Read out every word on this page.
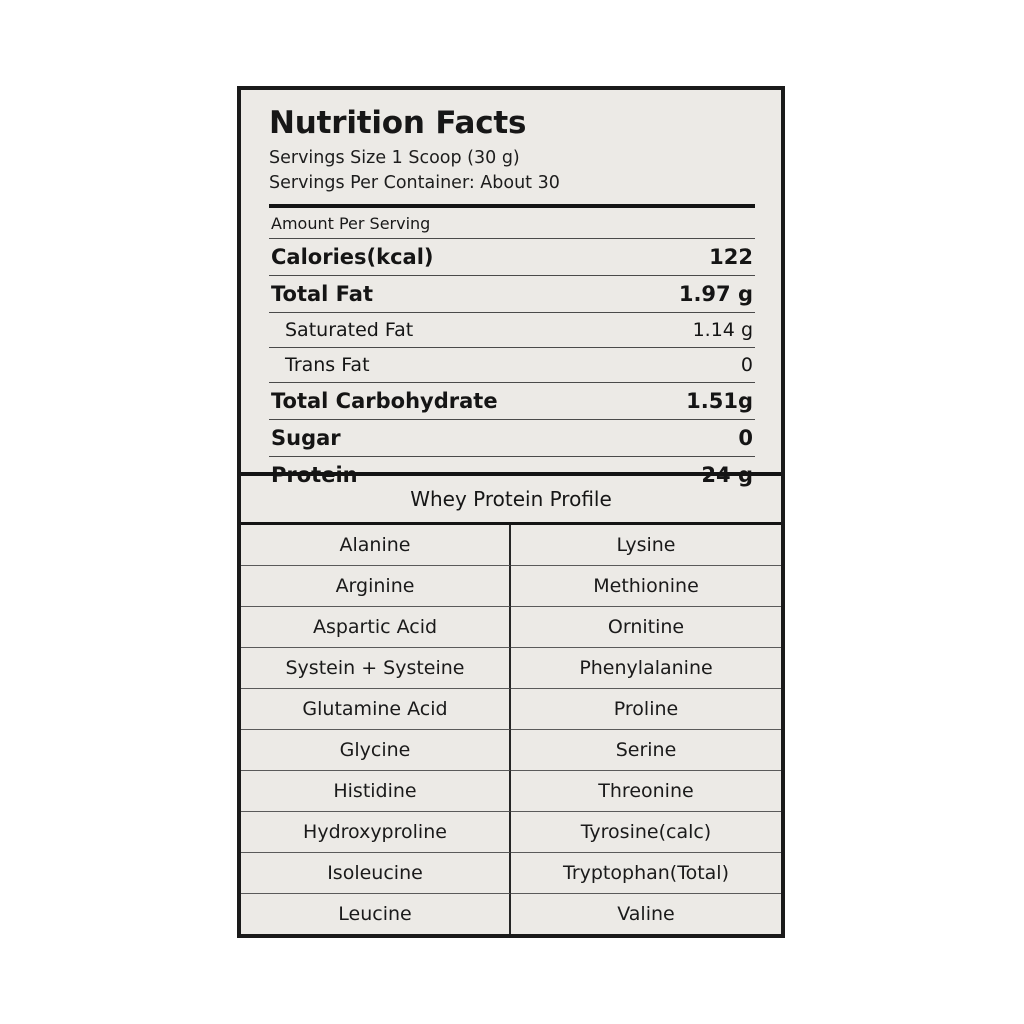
Nutrition Facts
Servings Size 1 Scoop (30 g)
Servings Per Container: About 30
Amount Per Serving
Calories(kcal)	122
Total Fat	1.97 g
Saturated Fat	1.14 g
Trans Fat	0
Total Carbohydrate	1.51g
Sugar	0
Protein	24 g
Whey Protein Profile
Alanine	Lysine
Arginine	Methionine
Aspartic Acid	Ornitine
Systein + Systeine	Phenylalanine
Glutamine Acid	Proline
Glycine	Serine
Histidine	Threonine
Hydroxyproline	Tyrosine(calc)
Isoleucine	Tryptophan(Total)
Leucine	Valine
